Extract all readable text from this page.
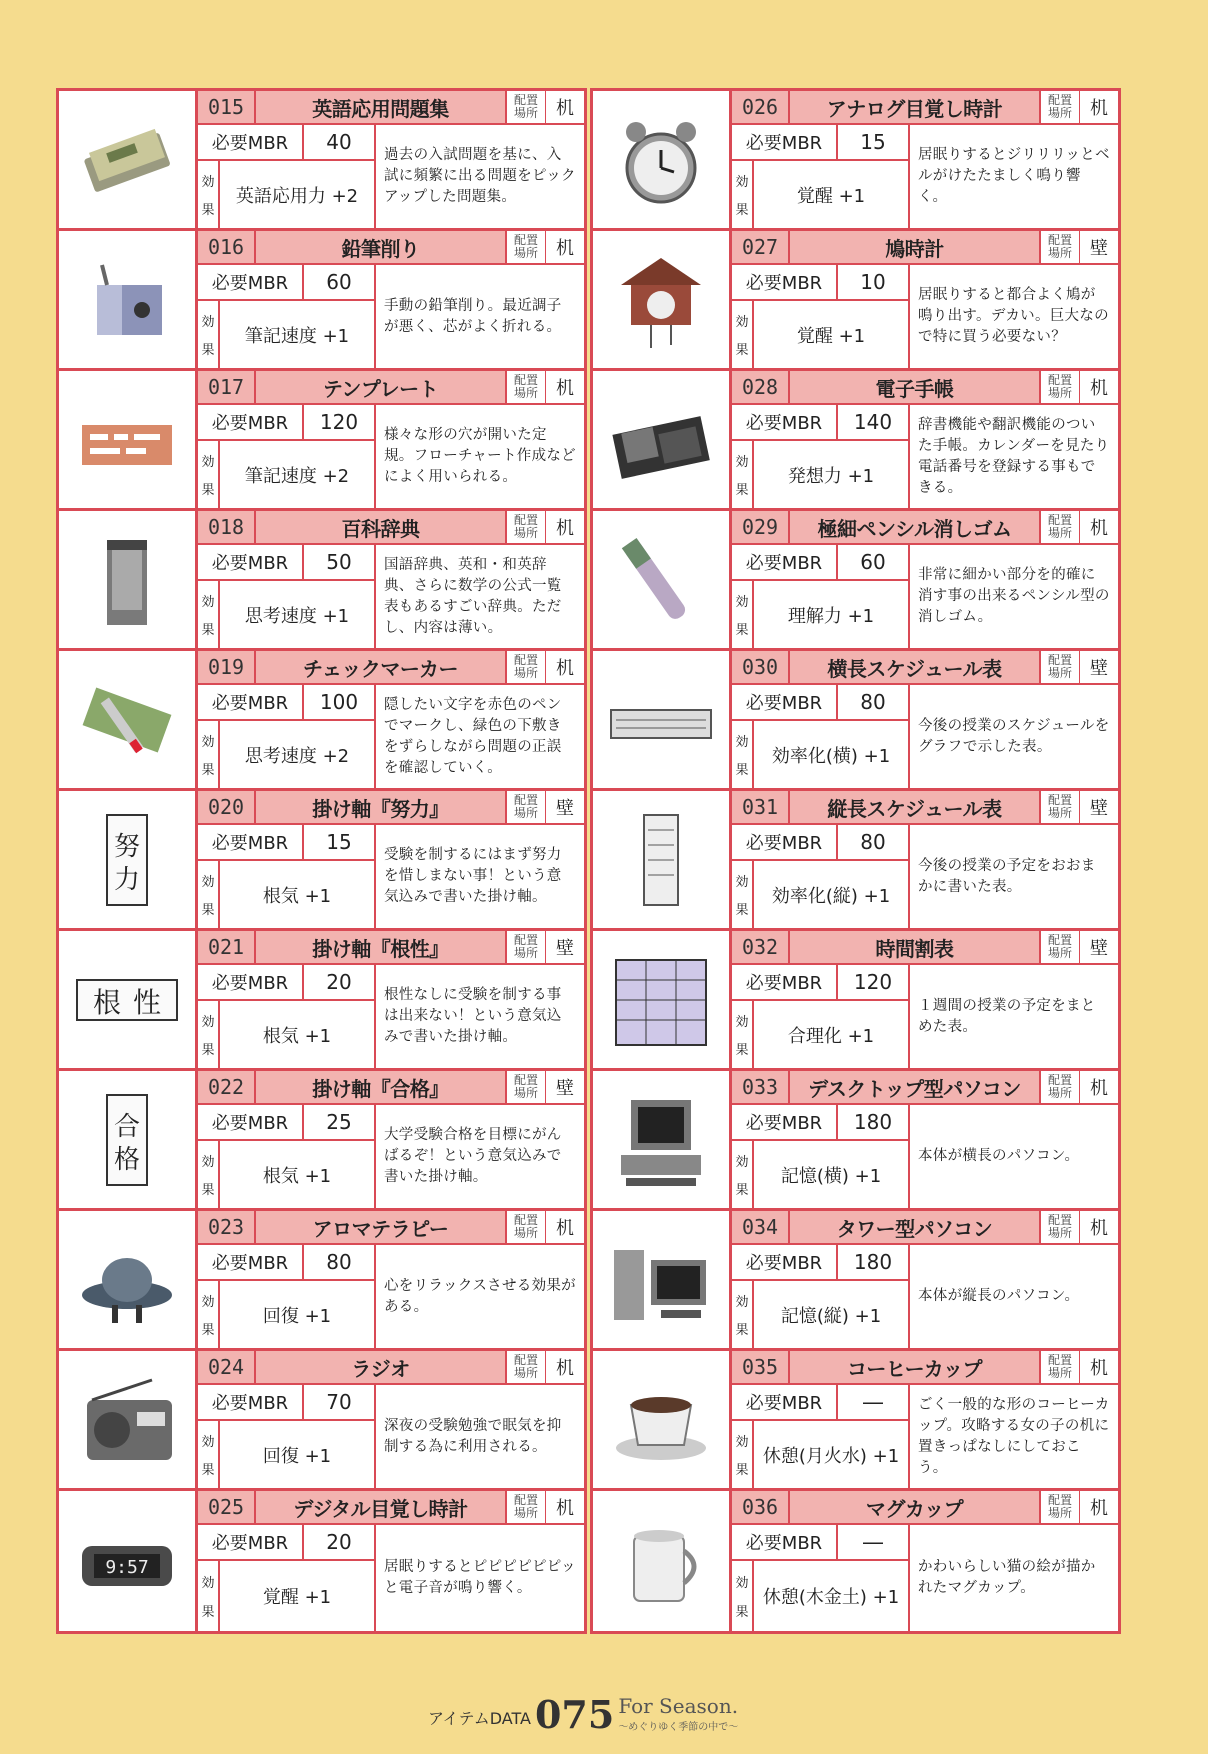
015	英語応用問題集	配置場所	机
必要MBR	40
効
果
英語応用力 +2
過去の入試問題を基に、入試に頻繁に出る問題をピックアップした問題集。
016	鉛筆削り	配置場所	机
必要MBR	60
効
果
筆記速度 +1
手動の鉛筆削り。最近調子が悪く、芯がよく折れる。
017	テンプレート	配置場所	机
必要MBR	120
効
果
筆記速度 +2
様々な形の穴が開いた定規。フローチャート作成などによく用いられる。
018	百科辞典	配置場所	机
必要MBR	50
効
果
思考速度 +1
国語辞典、英和・和英辞典、さらに数学の公式一覧表もあるすごい辞典。ただし、内容は薄い。
019	チェックマーカー	配置場所	机
必要MBR	100
効
果
思考速度 +2
隠したい文字を赤色のペンでマークし、緑色の下敷きをずらしながら問題の正誤を確認していく。
努
力
020	掛け軸『努力』	配置場所	壁
必要MBR	15
効
果
根気 +1
受験を制するにはまず努力を惜しまない事！という意気込みで書いた掛け軸。
根 性
021	掛け軸『根性』	配置場所	壁
必要MBR	20
効
果
根気 +1
根性なしに受験を制する事は出来ない！という意気込みで書いた掛け軸。
合
格
022	掛け軸『合格』	配置場所	壁
必要MBR	25
効
果
根気 +1
大学受験合格を目標にがんばるぞ！という意気込みで書いた掛け軸。
023	アロマテラピー	配置場所	机
必要MBR	80
効
果
回復 +1
心をリラックスさせる効果がある。
024	ラジオ	配置場所	机
必要MBR	70
効
果
回復 +1
深夜の受験勉強で眠気を抑制する為に利用される。
9:57
025	デジタル目覚し時計	配置場所	机
必要MBR	20
効
果
覚醒 +1
居眠りするとピピピピピピッと電子音が鳴り響く。
026	アナログ目覚し時計	配置場所	机
必要MBR	15
効
果
覚醒 +1
居眠りするとジリリリッとベルがけたたましく鳴り響く。
027	鳩時計	配置場所	壁
必要MBR	10
効
果
覚醒 +1
居眠りすると都合よく鳩が鳴り出す。デカい。巨大なので特に買う必要ない？
028	電子手帳	配置場所	机
必要MBR	140
効
果
発想力 +1
辞書機能や翻訳機能のついた手帳。カレンダーを見たり電話番号を登録する事もできる。
029	極細ペンシル消しゴム	配置場所	机
必要MBR	60
効
果
理解力 +1
非常に細かい部分を的確に消す事の出来るペンシル型の消しゴム。
030	横長スケジュール表	配置場所	壁
必要MBR	80
効
果
効率化(横) +1
今後の授業のスケジュールをグラフで示した表。
031	縦長スケジュール表	配置場所	壁
必要MBR	80
効
果
効率化(縦) +1
今後の授業の予定をおおまかに書いた表。
032	時間割表	配置場所	壁
必要MBR	120
効
果
合理化 +1
１週間の授業の予定をまとめた表。
033	デスクトップ型パソコン	配置場所	机
必要MBR	180
効
果
記憶(横) +1
本体が横長のパソコン。
034	タワー型パソコン	配置場所	机
必要MBR	180
効
果
記憶(縦) +1
本体が縦長のパソコン。
035	コーヒーカップ	配置場所	机
必要MBR	―
効
果
休憩(月火水) +1
ごく一般的な形のコーヒーカップ。攻略する女の子の机に置きっぱなしにしておこう。
036	マグカップ	配置場所	机
必要MBR	―
効
果
休憩(木金土) +1
かわいらしい猫の絵が描かれたマグカップ。
アイテムDATA 075 For Season.
〜めぐりゆく季節の中で〜
